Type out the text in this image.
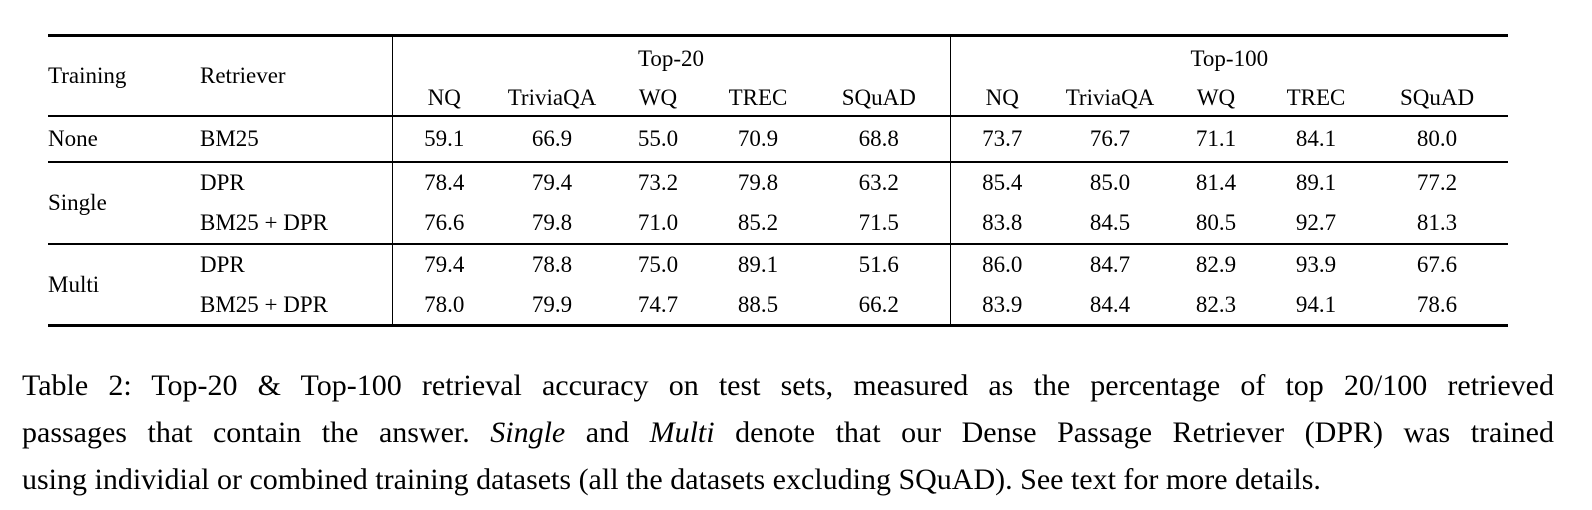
Training	Retriever	Top-20					Top-100				
		NQ	TriviaQA	WQ	TREC	SQuAD	NQ	TriviaQA	WQ	TREC	SQuAD
None	BM25	59.1	66.9	55.0	70.9	68.8	73.7	76.7	71.1	84.1	80.0
Single	DPR	78.4	79.4	73.2	79.8	63.2	85.4	85.0	81.4	89.1	77.2
	BM25 + DPR	76.6	79.8	71.0	85.2	71.5	83.8	84.5	80.5	92.7	81.3
Multi	DPR	79.4	78.8	75.0	89.1	51.6	86.0	84.7	82.9	93.9	67.6
	BM25 + DPR	78.0	79.9	74.7	88.5	66.2	83.9	84.4	82.3	94.1	78.6
Table 2: Top-20 & Top-100 retrieval accuracy on test sets, measured as the percentage of top 20/100 retrieved
passages that contain the answer. Single and Multi denote that our Dense Passage Retriever (DPR) was trained
using individial or combined training datasets (all the datasets excluding SQuAD). See text for more details.
